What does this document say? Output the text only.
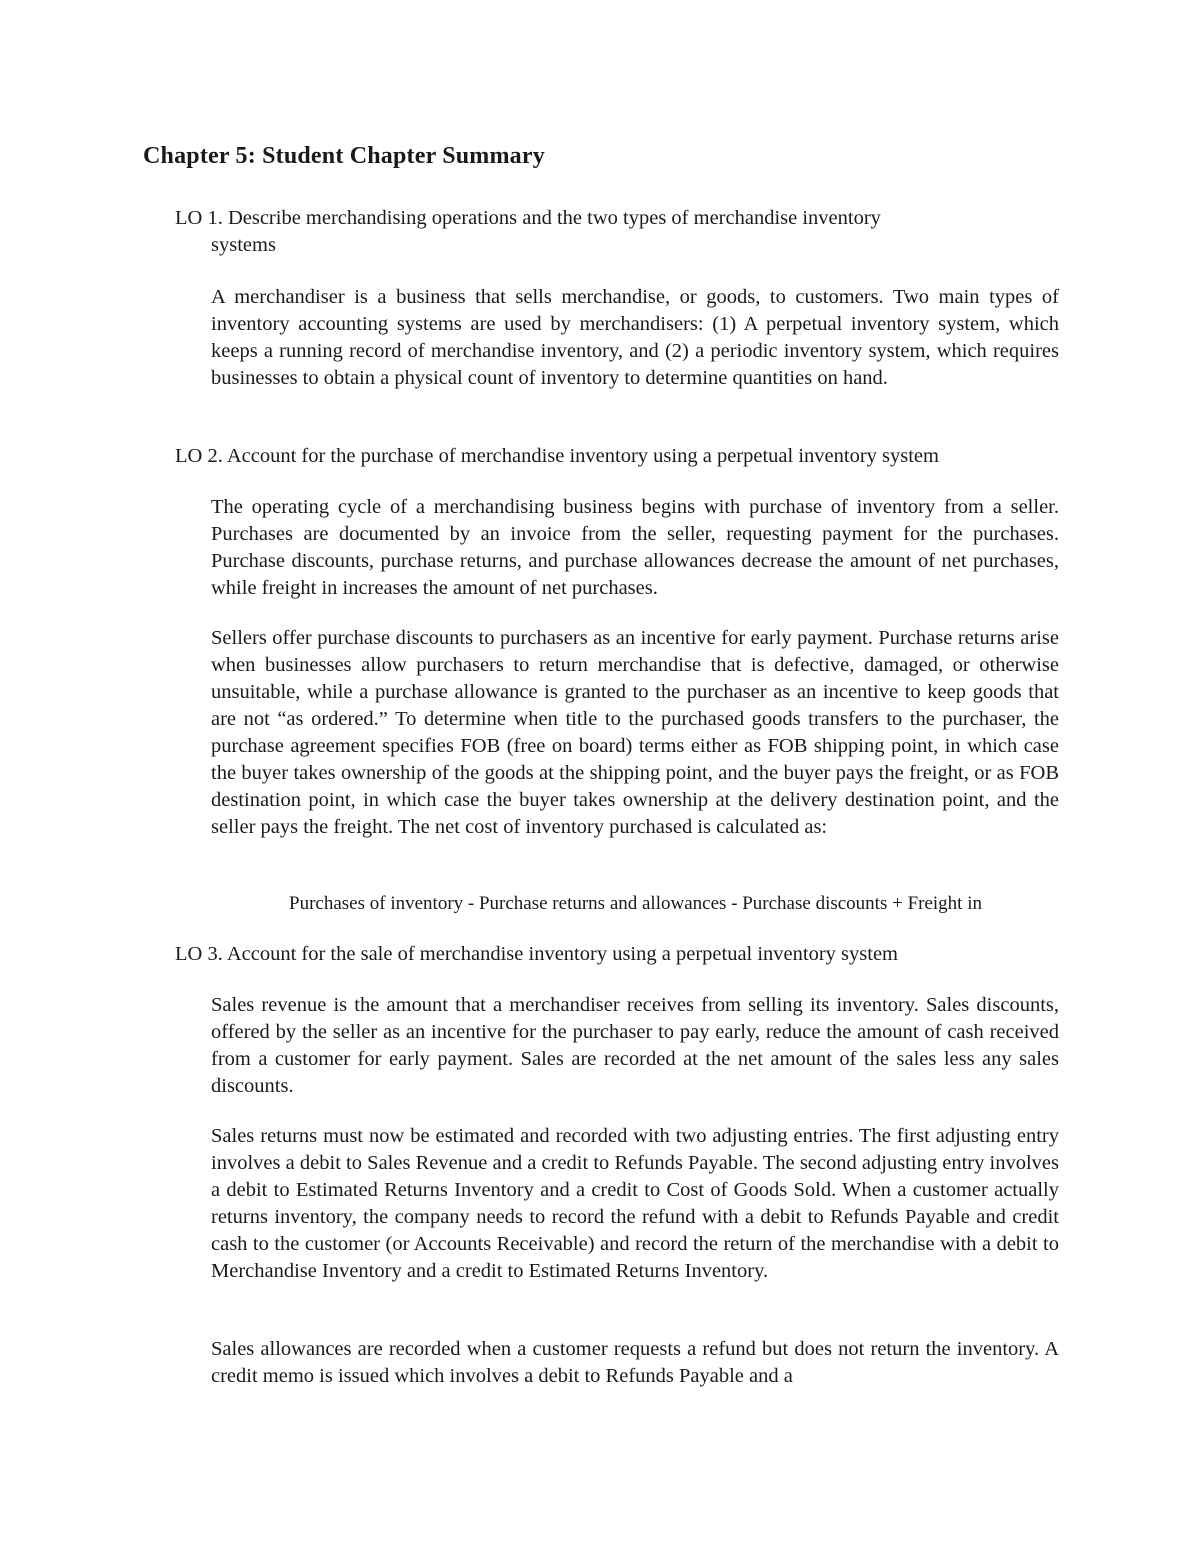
Chapter 5: Student Chapter Summary

LO 1. Describe merchandising operations and the two types of merchandise inventory
systems

A merchandiser is a business that sells merchandise, or goods, to customers. Two main types of inventory accounting systems are used by merchandisers: (1) A perpetual inventory system, which keeps a running record of merchandise inventory, and (2) a periodic inventory system, which requires businesses to obtain a physical count of inventory to determine quantities on hand.

LO 2. Account for the purchase of merchandise inventory using a perpetual inventory system

The operating cycle of a merchandising business begins with purchase of inventory from a seller. Purchases are documented by an invoice from the seller, requesting payment for the purchases. Purchase discounts, purchase returns, and purchase allowances decrease the amount of net purchases, while freight in increases the amount of net purchases.

Sellers offer purchase discounts to purchasers as an incentive for early payment. Purchase returns arise when businesses allow purchasers to return merchandise that is defective, damaged, or otherwise unsuitable, while a purchase allowance is granted to the purchaser as an incentive to keep goods that are not “as ordered.” To determine when title to the purchased goods transfers to the purchaser, the purchase agreement specifies FOB (free on board) terms either as FOB shipping point, in which case the buyer takes ownership of the goods at the shipping point, and the buyer pays the freight, or as FOB destination point, in which case the buyer takes ownership at the delivery destination point, and the seller pays the freight. The net cost of inventory purchased is calculated as:

Purchases of inventory - Purchase returns and allowances - Purchase discounts + Freight in

LO 3. Account for the sale of merchandise inventory using a perpetual inventory system

Sales revenue is the amount that a merchandiser receives from selling its inventory. Sales discounts, offered by the seller as an incentive for the purchaser to pay early, reduce the amount of cash received from a customer for early payment. Sales are recorded at the net amount of the sales less any sales discounts.

Sales returns must now be estimated and recorded with two adjusting entries. The first adjusting entry involves a debit to Sales Revenue and a credit to Refunds Payable. The second adjusting entry involves a debit to Estimated Returns Inventory and a credit to Cost of Goods Sold. When a customer actually returns inventory, the company needs to record the refund with a debit to Refunds Payable and credit cash to the customer (or Accounts Receivable) and record the return of the merchandise with a debit to Merchandise Inventory and a credit to Estimated Returns Inventory.

Sales allowances are recorded when a customer requests a refund but does not return the inventory. A credit memo is issued which involves a debit to Refunds Payable and a
